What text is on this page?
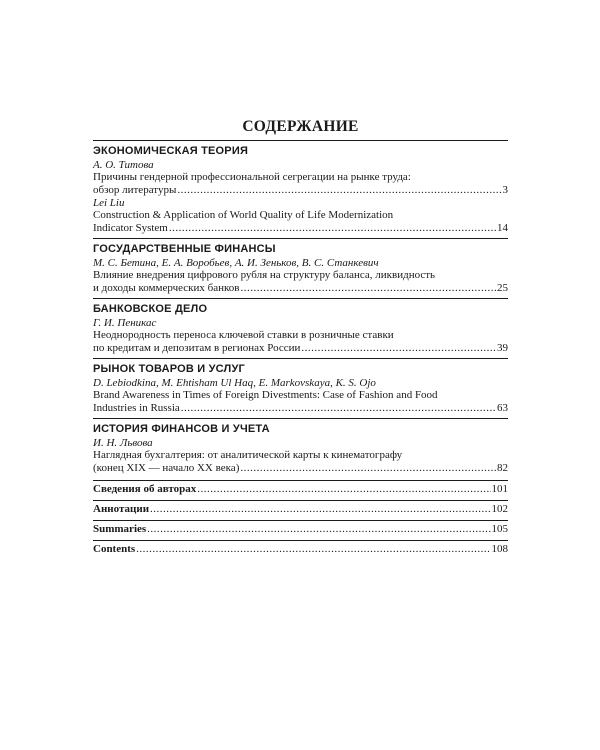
СОДЕРЖАНИЕ
ЭКОНОМИЧЕСКАЯ ТЕОРИЯ
А. О. Титова
Причины гендерной профессиональной сегрегации на рынке труда:
обзор литературы .....	3
Lei Liu
Construction & Application of World Quality of Life Modernization
Indicator System .....	14
ГОСУДАРСТВЕННЫЕ ФИНАНСЫ
М. С. Бетина, Е. А. Воробьев, А. И. Зеньков, В. С. Станкевич
Влияние внедрения цифрового рубля на структуру баланса, ликвидность
и доходы коммерческих банков .....	25
БАНКОВСКОЕ ДЕЛО
Г. И. Пеникас
Неоднородность переноса ключевой ставки в розничные ставки
по кредитам и депозитам в регионах России .....	39
РЫНОК ТОВАРОВ И УСЛУГ
D. Lebiodkina, M. Ehtisham Ul Haq, E. Markovskaya, K. S. Ojo
Brand Awareness in Times of Foreign Divestments: Case of Fashion and Food
Industries in Russia .....	63
ИСТОРИЯ ФИНАНСОВ И УЧЕТА
И. Н. Львова
Наглядная бухгалтерия: от аналитической карты к кинематографу
(конец XIX — начало XX века) .....	82
Сведения об авторах .....	101
Аннотации .....	102
Summaries .....	105
Contents .....	108
